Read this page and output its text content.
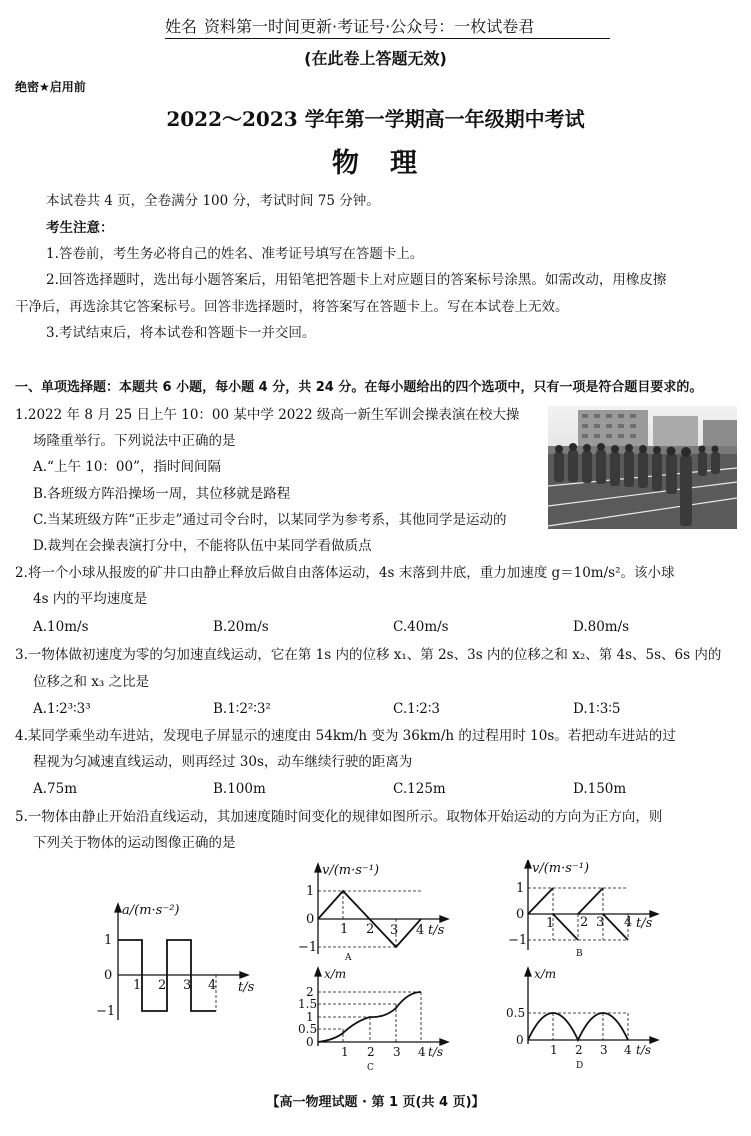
姓名 资料第一时间更新·考证号·公众号：一枚试卷君
(在此卷上答题无效)
绝密★启用前
2022～2023 学年第一学期高一年级期中考试
物　理
本试卷共 4 页，全卷满分 100 分，考试时间 75 分钟。
考生注意：
1.答卷前，考生务必将自己的姓名、准考证号填写在答题卡上。
2.回答选择题时，选出每小题答案后，用铅笔把答题卡上对应题目的答案标号涂黑。如需改动，用橡皮擦
干净后，再选涂其它答案标号。回答非选择题时，将答案写在答题卡上。写在本试卷上无效。
3.考试结束后，将本试卷和答题卡一并交回。
一、单项选择题：本题共 6 小题，每小题 4 分，共 24 分。在每小题给出的四个选项中，只有一项是符合题目要求的。
1.2022 年 8 月 25 日上午 10：00 某中学 2022 级高一新生军训会操表演在校大操
场隆重举行。下列说法中正确的是
A.“上午 10：00”，指时间间隔
B.各班级方阵沿操场一周，其位移就是路程
C.当某班级方阵“正步走”通过司令台时，以某同学为参考系，其他同学是运动的
D.裁判在会操表演打分中，不能将队伍中某同学看做质点
2.将一个小球从报废的矿井口由静止释放后做自由落体运动，4s 末落到井底，重力加速度 g＝10m/s²。该小球
4s 内的平均速度是
A.10m/s	B.20m/s	C.40m/s	D.80m/s
3.一物体做初速度为零的匀加速直线运动，它在第 1s 内的位移 x₁、第 2s、3s 内的位移之和 x₂、第 4s、5s、6s 内的
位移之和 x₃ 之比是
A.1∶2³∶3³	B.1∶2²∶3²	C.1∶2∶3	D.1∶3∶5
4.某同学乘坐动车进站，发现电子屏显示的速度由 54km/h 变为 36km/h 的过程用时 10s。若把动车进站的过
程视为匀减速直线运动，则再经过 30s，动车继续行驶的距离为
A.75m	B.100m	C.125m	D.150m
5.一物体由静止开始沿直线运动，其加速度随时间变化的规律如图所示。取物体开始运动的方向为正方向，则
下列关于物体的运动图像正确的是
a/(m·s⁻²)
1
0
−1
1 2 3 4 t/s
v/(m·s⁻¹)
1
0
−1
1 2 3 4 t/s
A
v/(m·s⁻¹)
1
0
−1
1 2 3 4 t/s
B
x/m
2
1.5
1
0.5
0
1 2 3 4 t/s
C
x/m
0.5
0
1 2 3 4 t/s
D
【高一物理试题 · 第 1 页(共 4 页)】
